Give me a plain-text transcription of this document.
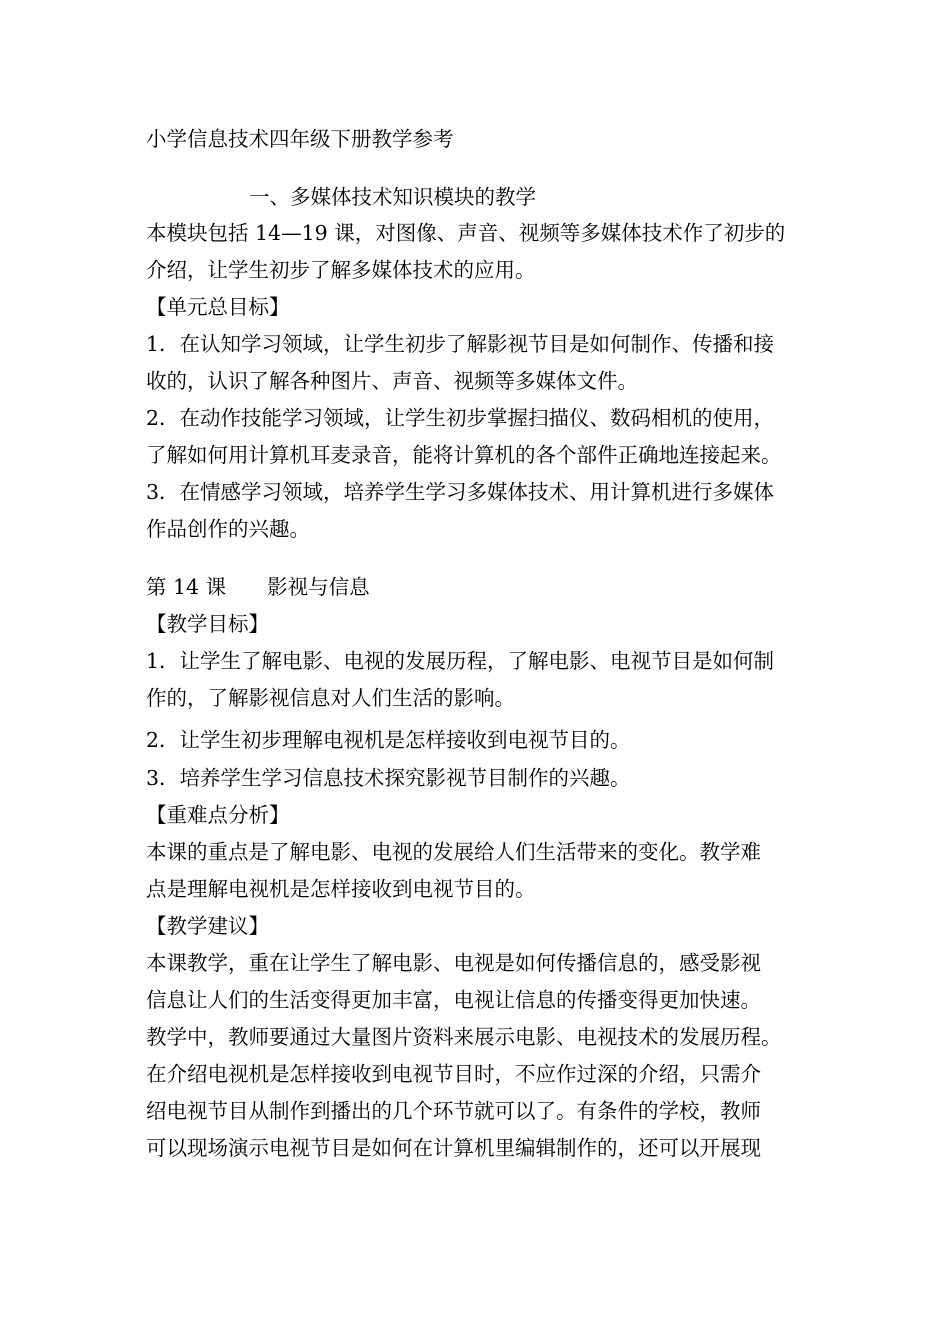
小学信息技术四年级下册教学参考
一、多媒体技术知识模块的教学
本模块包括 14—19 课，对图像、声音、视频等多媒体技术作了初步的
介绍，让学生初步了解多媒体技术的应用。
【单元总目标】
1．在认知学习领域，让学生初步了解影视节目是如何制作、传播和接
收的，认识了解各种图片、声音、视频等多媒体文件。
2．在动作技能学习领域，让学生初步掌握扫描仪、数码相机的使用，
了解如何用计算机耳麦录音，能将计算机的各个部件正确地连接起来。
3．在情感学习领域，培养学生学习多媒体技术、用计算机进行多媒体
作品创作的兴趣。
第 14 课　　影视与信息
【教学目标】
1．让学生了解电影、电视的发展历程，了解电影、电视节目是如何制
作的，了解影视信息对人们生活的影响。
2．让学生初步理解电视机是怎样接收到电视节目的。
3．培养学生学习信息技术探究影视节目制作的兴趣。
【重难点分析】
本课的重点是了解电影、电视的发展给人们生活带来的变化。教学难
点是理解电视机是怎样接收到电视节目的。
【教学建议】
本课教学，重在让学生了解电影、电视是如何传播信息的，感受影视
信息让人们的生活变得更加丰富，电视让信息的传播变得更加快速。
教学中，教师要通过大量图片资料来展示电影、电视技术的发展历程。
在介绍电视机是怎样接收到电视节目时，不应作过深的介绍，只需介
绍电视节目从制作到播出的几个环节就可以了。有条件的学校，教师
可以现场演示电视节目是如何在计算机里编辑制作的，还可以开展现
